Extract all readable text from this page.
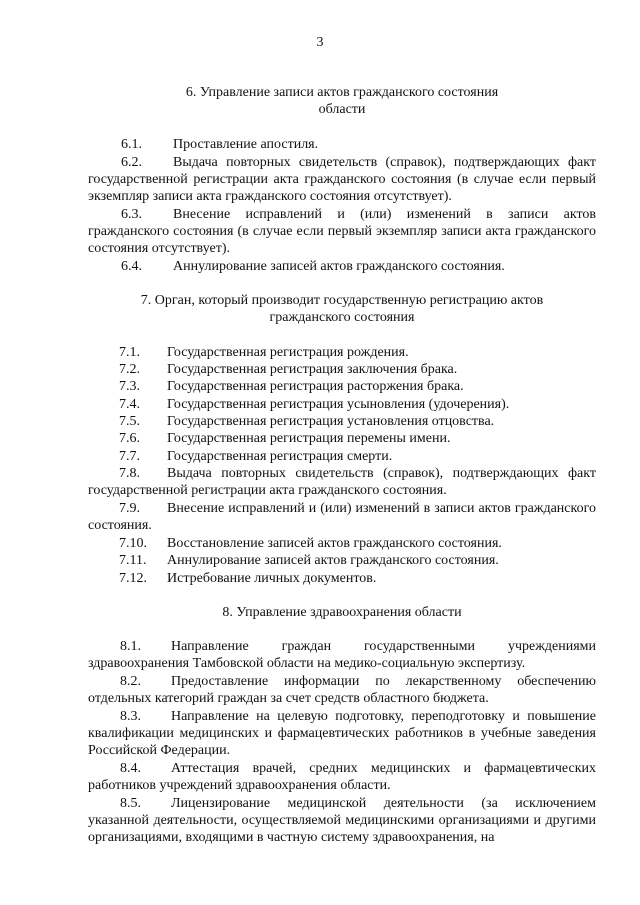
3
6. Управление записи актов гражданского состояния
области
6.1. Проставление апостиля.
6.2. Выдача повторных свидетельств (справок), подтверждающих факт государственной регистрации акта гражданского состояния (в случае если первый экземпляр записи акта гражданского состояния отсутствует).
6.3. Внесение исправлений и (или) изменений в записи актов гражданского состояния (в случае если первый экземпляр записи акта гражданского состояния отсутствует).
6.4. Аннулирование записей актов гражданского состояния.
7. Орган, который производит государственную регистрацию актов
гражданского состояния
7.1. Государственная регистрация рождения.
7.2. Государственная регистрация заключения брака.
7.3. Государственная регистрация расторжения брака.
7.4. Государственная регистрация усыновления (удочерения).
7.5. Государственная регистрация установления отцовства.
7.6. Государственная регистрация перемены имени.
7.7. Государственная регистрация смерти.
7.8. Выдача повторных свидетельств (справок), подтверждающих факт государственной регистрации акта гражданского состояния.
7.9. Внесение исправлений и (или) изменений в записи актов гражданского состояния.
7.10. Восстановление записей актов гражданского состояния.
7.11. Аннулирование записей актов гражданского состояния.
7.12. Истребование личных документов.
8. Управление здравоохранения области
8.1. Направление граждан государственными учреждениями здравоохранения Тамбовской области на медико-социальную экспертизу.
8.2. Предоставление информации по лекарственному обеспечению отдельных категорий граждан за счет средств областного бюджета.
8.3. Направление на целевую подготовку, переподготовку и повышение квалификации медицинских и фармацевтических работников в учебные заведения Российской Федерации.
8.4. Аттестация врачей, средних медицинских и фармацевтических работников учреждений здравоохранения области.
8.5. Лицензирование медицинской деятельности (за исключением указанной деятельности, осуществляемой медицинскими организациями и другими организациями, входящими в частную систему здравоохранения, на
